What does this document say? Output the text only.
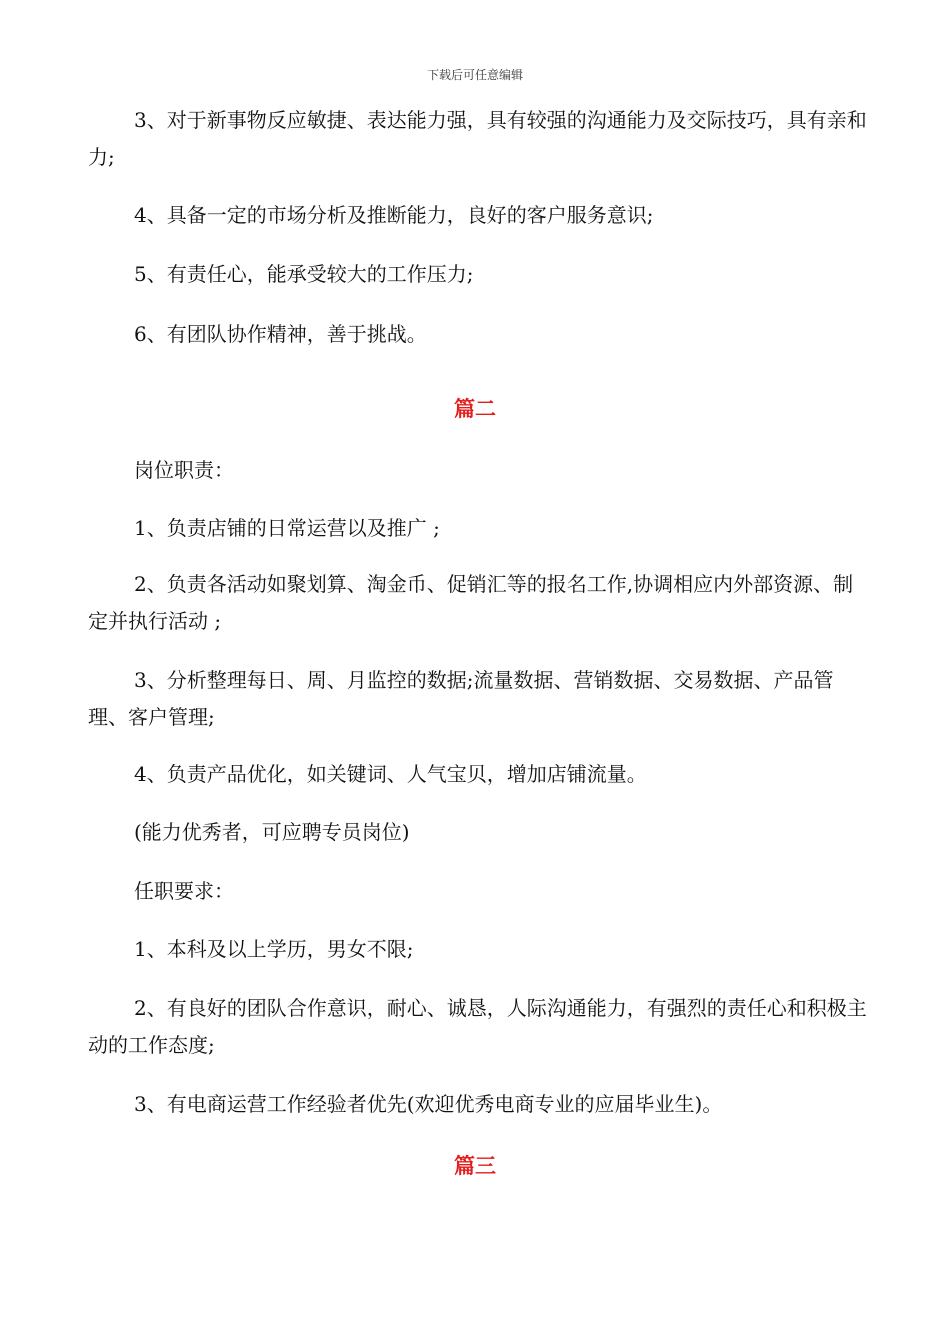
下载后可任意编辑

3、对于新事物反应敏捷、表达能力强，具有较强的沟通能力及交际技巧，具有亲和力;

4、具备一定的市场分析及推断能力，良好的客户服务意识;

5、有责任心，能承受较大的工作压力;

6、有团队协作精神，善于挑战。

篇二

岗位职责：

1、负责店铺的日常运营以及推广 ;

2、负责各活动如聚划算、淘金币、促销汇等的报名工作,协调相应内外部资源、制定并执行活动 ;

3、分析整理每日、周、月监控的数据;流量数据、营销数据、交易数据、产品管理、客户管理;

4、负责产品优化，如关键词、人气宝贝，增加店铺流量。

(能力优秀者，可应聘专员岗位)

任职要求：

1、本科及以上学历，男女不限;

2、有良好的团队合作意识，耐心、诚恳，人际沟通能力，有强烈的责任心和积极主动的工作态度;

3、有电商运营工作经验者优先(欢迎优秀电商专业的应届毕业生)。

篇三
